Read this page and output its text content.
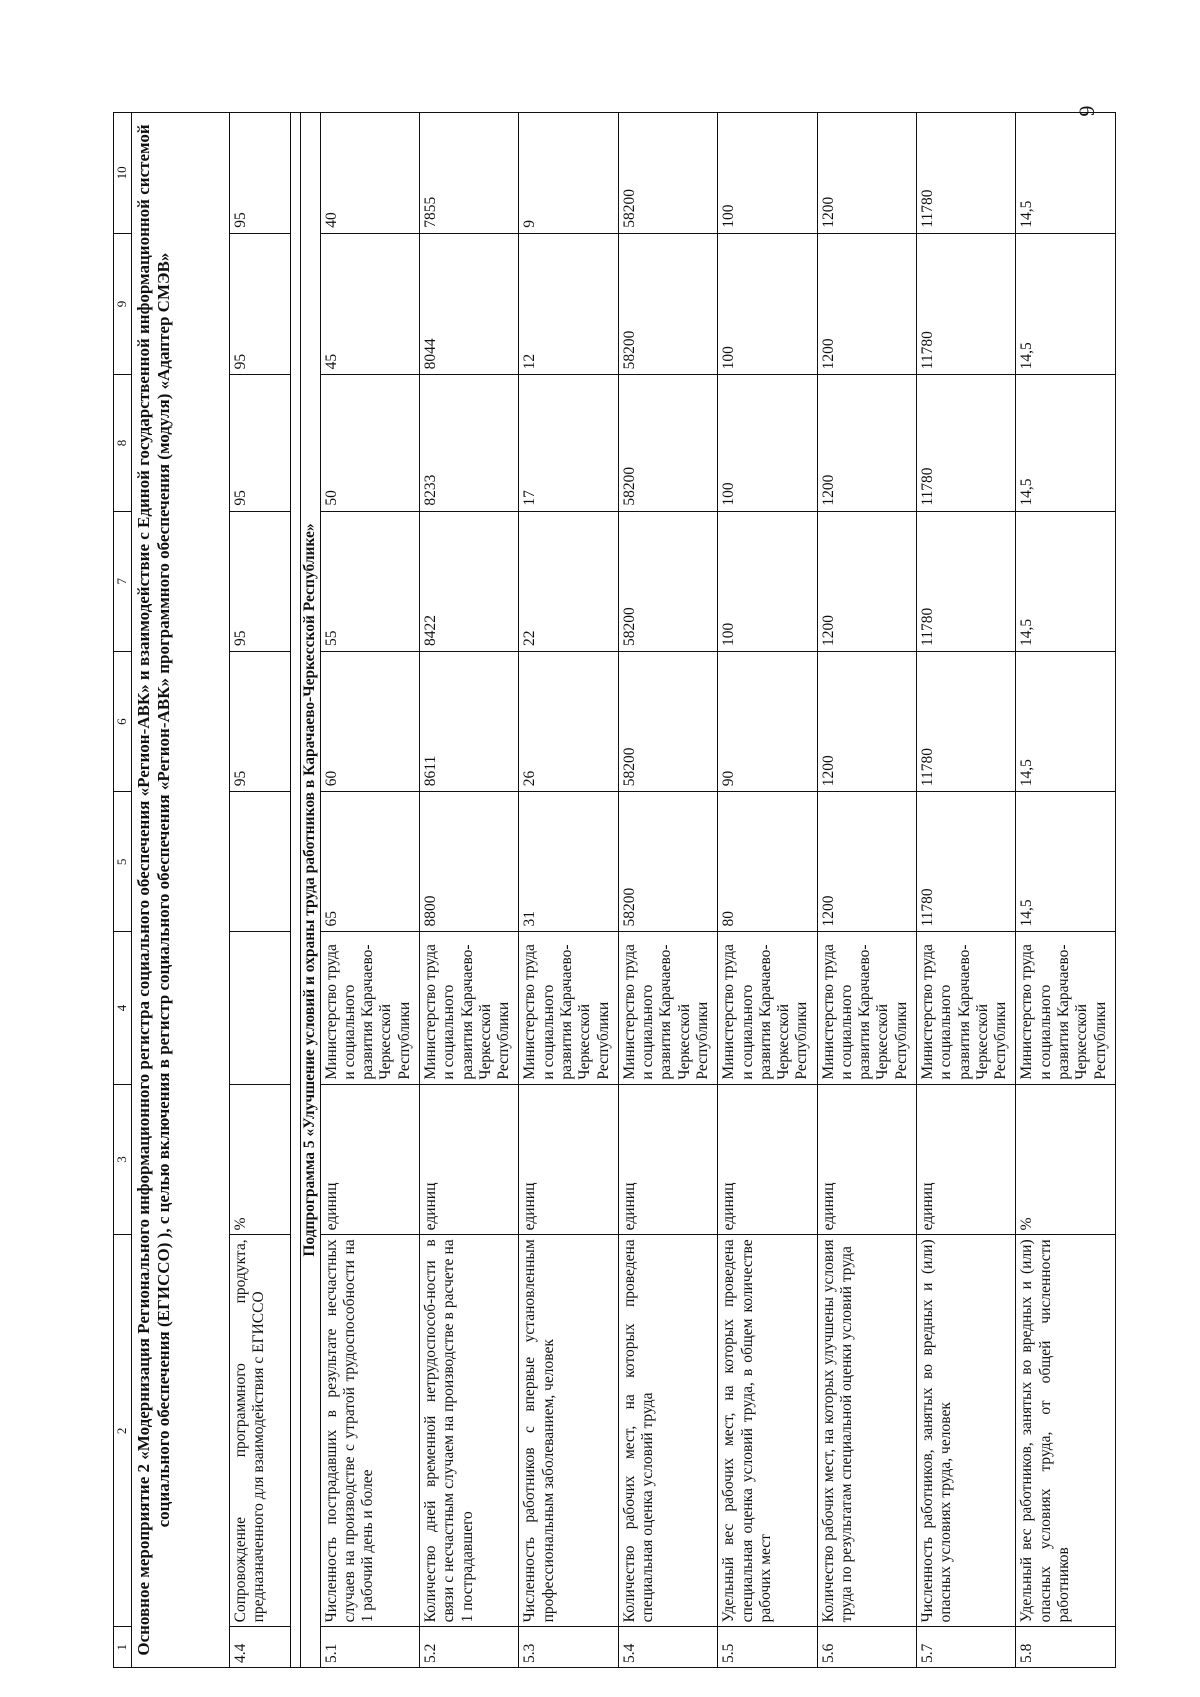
6
1	2	3	4	5	6	7	8	9	10
Основное мероприятие 2 «Модернизация Регионального информационного регистра социального обеспечения «Регион-АВК» и взаимодействие с Единой государственной информационной системой социального обеспечения (ЕГИССО) ), с целью включения в регистр социального обеспечения «Регион-АВК» программного обеспечения (модуля) «Адаптер СМЭВ»									
4.4	Сопровождение программного продукта, предназначенного для взаимодействия с ЕГИССО	%			95	95	95	95	95

Подпрограмма 5 «Улучшение условий и охраны труда работников в Карачаево-Черкесской Республике»									
5.1	Численность пострадавших в результате несчастных случаев на производстве с утратой трудоспособности на 1 рабочий день и более	единиц	Министерство труда и социального развития Карачаево-Черкесской Республики	65	60	55	50	45	40
5.2	Количество дней временной нетрудоспособ-ности в связи с несчастным случаем на производстве в расчете на 1 пострадавшего	единиц	Министерство труда и социального развития Карачаево-Черкесской Республики	8800	8611	8422	8233	8044	7855
5.3	Численность работников с впервые установленным профессиональным заболеванием, человек	единиц	Министерство труда и социального развития Карачаево-Черкесской Республики	31	26	22	17	12	9
5.4	Количество рабочих мест, на которых проведена специальная оценка условий труда	единиц	Министерство труда и социального развития Карачаево-Черкесской Республики	58200	58200	58200	58200	58200	58200
5.5	Удельный вес рабочих мест, на которых проведена специальная оценка условий труда, в общем количестве рабочих мест	единиц	Министерство труда и социального развития Карачаево-Черкесской Республики	80	90	100	100	100	100
5.6	Количество рабочих мест, на которых улучшены условия труда по результатам специальной оценки условий труда	единиц	Министерство труда и социального развития Карачаево-Черкесской Республики	1200	1200	1200	1200	1200	1200
5.7	Численность работников, занятых во вредных и (или) опасных условиях труда, человек	единиц	Министерство труда и социального развития Карачаево-Черкесской Республики	11780	11780	11780	11780	11780	11780
5.8	Удельный вес работников, занятых во вредных и (или) опасных условиях труда, от общей численности работников	%	Министерство труда и социального развития Карачаево-Черкесской Республики	14,5	14,5	14,5	14,5	14,5	14,5
